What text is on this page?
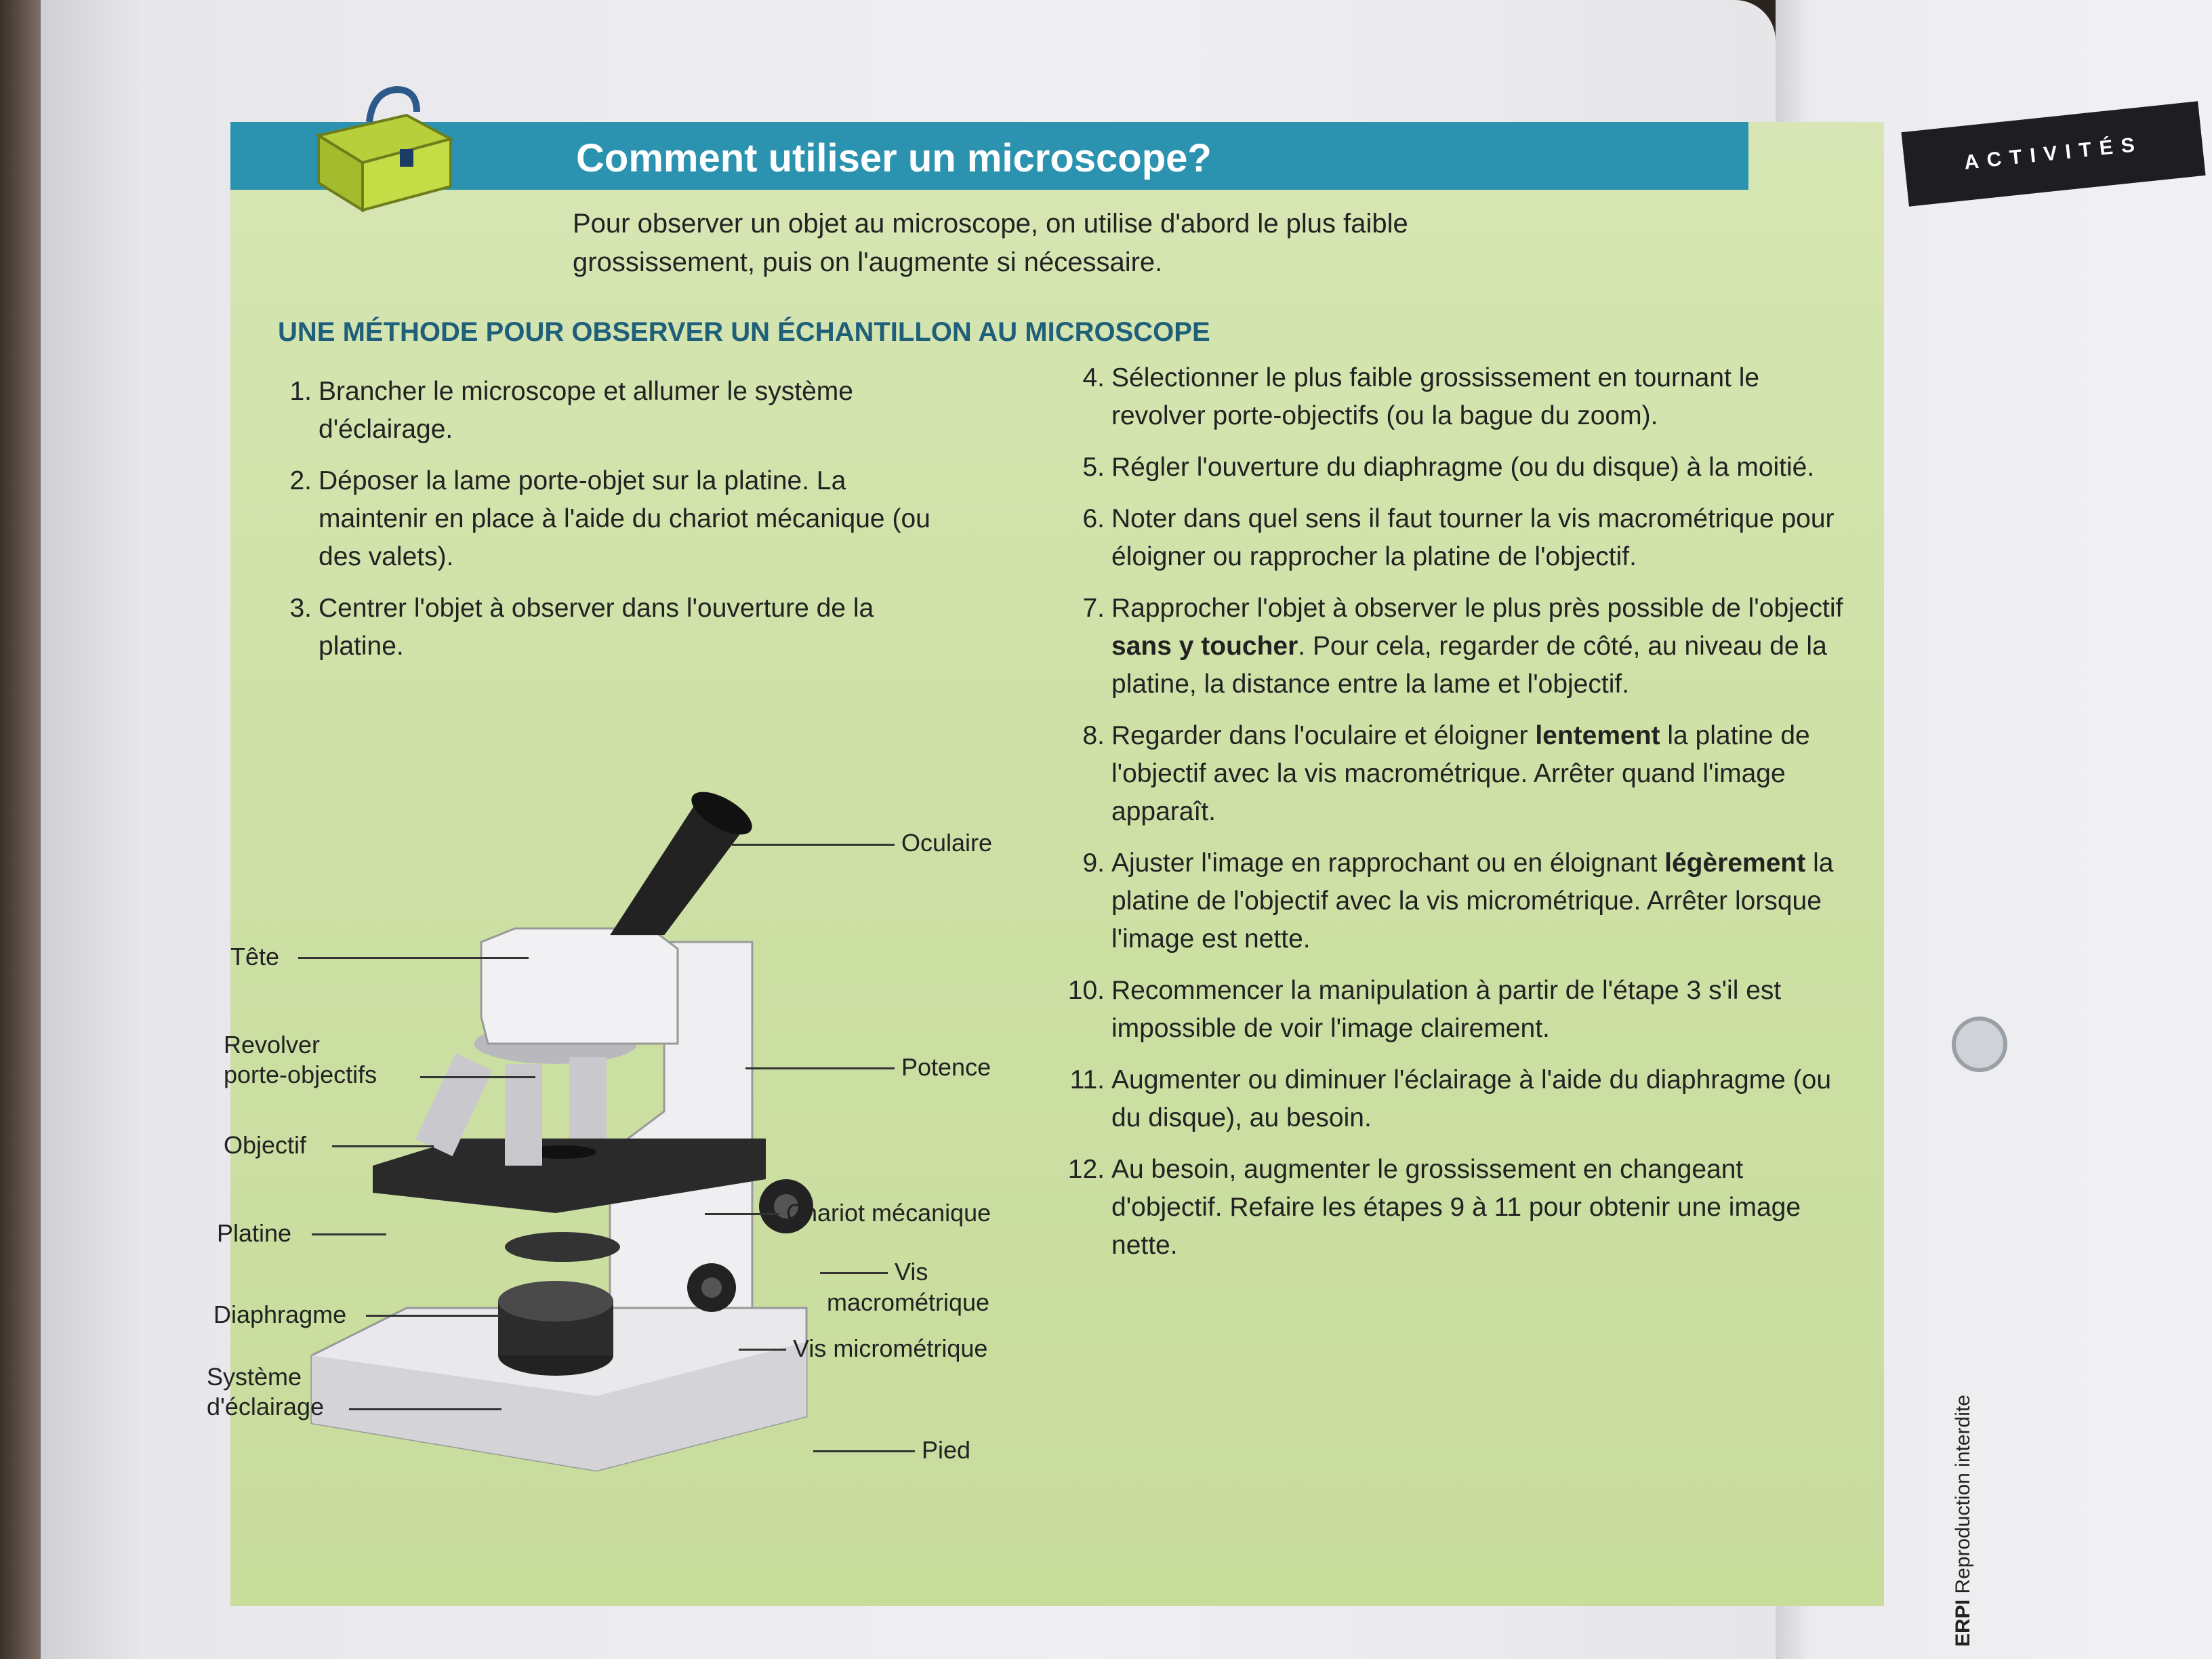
ACTIVITÉS
ERPI Reproduction interdite
Comment utiliser un microscope?
Pour observer un objet au microscope, on utilise d'abord le plus faible grossissement, puis on l'augmente si nécessaire.
UNE MÉTHODE POUR OBSERVER UN ÉCHANTILLON AU MICROSCOPE
1. Brancher le microscope et allumer le système d'éclairage.
2. Déposer la lame porte-objet sur la platine. La maintenir en place à l'aide du chariot mécanique (ou des valets).
3. Centrer l'objet à observer dans l'ouverture de la platine.
4. Sélectionner le plus faible grossissement en tournant le revolver porte-objectifs (ou la bague du zoom).
5. Régler l'ouverture du diaphragme (ou du disque) à la moitié.
6. Noter dans quel sens il faut tourner la vis macrométrique pour éloigner ou rapprocher la platine de l'objectif.
7. Rapprocher l'objet à observer le plus près possible de l'objectif sans y toucher. Pour cela, regarder de côté, au niveau de la platine, la distance entre la lame et l'objectif.
8. Regarder dans l'oculaire et éloigner lentement la platine de l'objectif avec la vis macrométrique. Arrêter quand l'image apparaît.
9. Ajuster l'image en rapprochant ou en éloignant légèrement la platine de l'objectif avec la vis micrométrique. Arrêter lorsque l'image est nette.
10. Recommencer la manipulation à partir de l'étape 3 s'il est impossible de voir l'image clairement.
11. Augmenter ou diminuer l'éclairage à l'aide du diaphragme (ou du disque), au besoin.
12. Au besoin, augmenter le grossissement en changeant d'objectif. Refaire les étapes 9 à 11 pour obtenir une image nette.
Oculaire
Tête
Revolver
porte-objectifs	Potence
Objectif
Chariot mécanique
Platine
Vis
macrométrique
Diaphragme
Vis micrométrique
Système
d'éclairage
Pied
